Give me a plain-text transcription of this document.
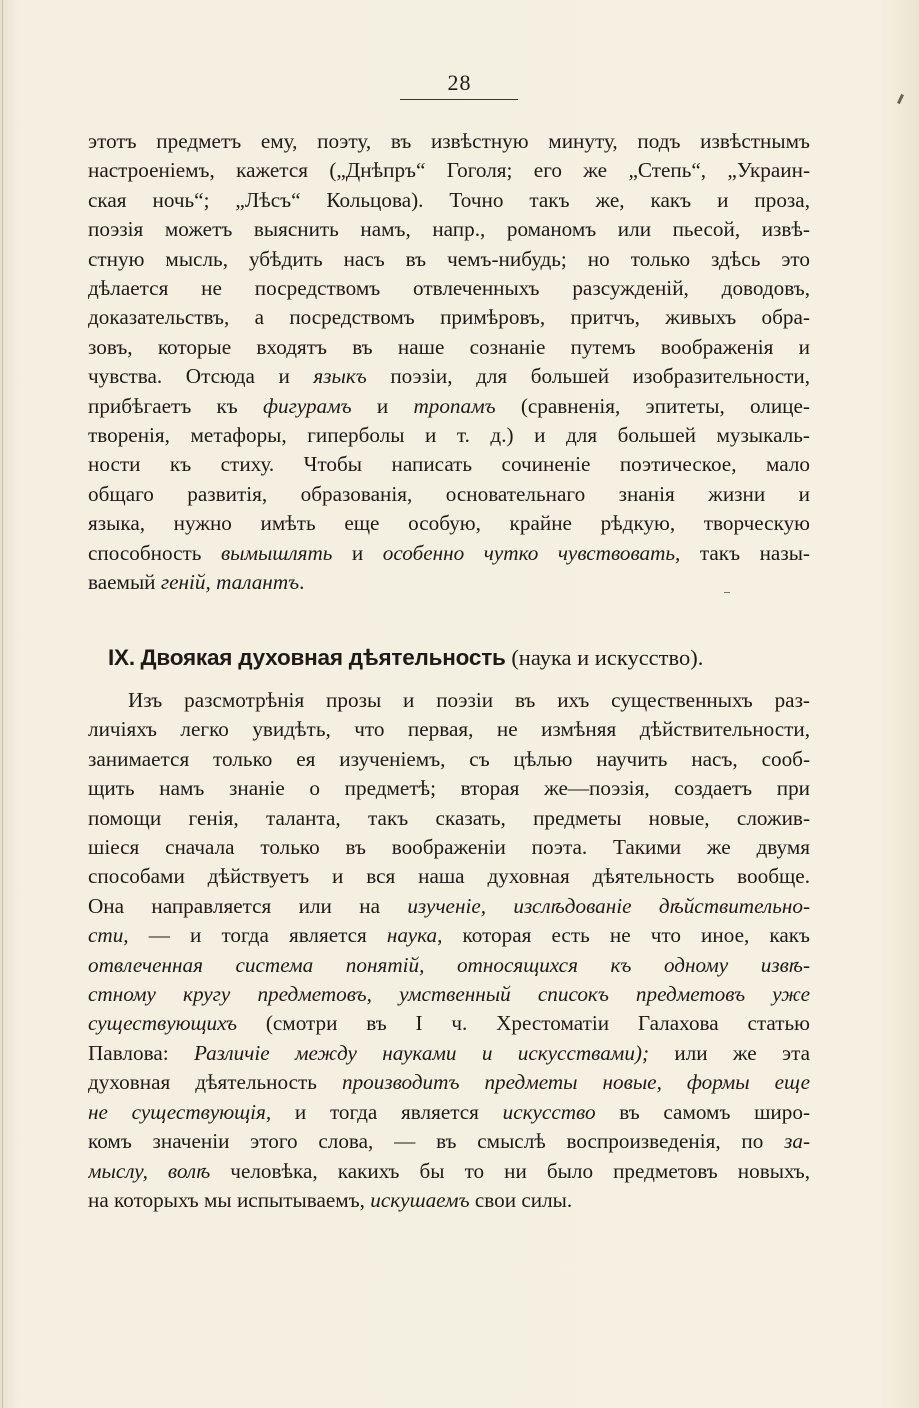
28
этотъ предметъ ему, поэту, въ извѣстную минуту, подъ извѣстнымъ
настроенiемъ, кажется („Днѣпръ“ Гоголя; его же „Степь“, „Украин-
ская ночь“; „Лѣсъ“ Кольцова). Точно такъ же, какъ и проза,
поэзiя можетъ выяснить намъ, напр., романомъ или пьесой, извѣ-
стную мысль, убѣдить насъ въ чемъ-нибудь; но только здѣсь это
дѣлается не посредствомъ отвлеченныхъ разсужденiй, доводовъ,
доказательствъ, а посредствомъ примѣровъ, притчъ, живыхъ обра-
зовъ, которые входятъ въ наше сознанiе путемъ воображенiя и
чувства. Отсюда и языкъ поэзiи, для большей изобразительности,
прибѣгаетъ къ фигурамъ и тропамъ (сравненiя, эпитеты, олице-
творенiя, метафоры, гиперболы и т. д.) и для большей музыкаль-
ности къ стиху. Чтобы написать сочиненiе поэтическое, мало
общаго развитiя, образованiя, основательнаго знанiя жизни и
языка, нужно имѣть еще особую, крайне рѣдкую, творческую
способность вымышлять и особенно чутко чувствовать, такъ назы-
ваемый генiй, талантъ.
IX. Двоякая духовная дѣятельность (наука и искусство).
Изъ разсмотрѣнiя прозы и поэзiи въ ихъ существенныхъ раз-
личiяхъ легко увидѣть, что первая, не измѣняя дѣйствительности,
занимается только ея изученiемъ, съ цѣлью научить насъ, сооб-
щить намъ знанiе о предметѣ; вторая же—поэзiя, создаетъ при
помощи генiя, таланта, такъ сказать, предметы новые, сложив-
шiеся сначала только въ воображенiи поэта. Такими же двумя
способами дѣйствуетъ и вся наша духовная дѣятельность вообще.
Она направляется или на изученiе, изслѣдованiе дѣйствительно-
сти, — и тогда является наука, которая есть не что иное, какъ
отвлеченная система понятiй, относящихся къ одному извѣ-
стному кругу предметовъ, умственный списокъ предметовъ уже
существующихъ (смотри въ I ч. Хрестоматiи Галахова статью
Павлова: Различiе между науками и искусствами); или же эта
духовная дѣятельность производитъ предметы новые, формы еще
не существующiя, и тогда является искусство въ самомъ широ-
комъ значенiи этого слова, — въ смыслѣ воспроизведенiя, по за-
мыслу, волѣ человѣка, какихъ бы то ни было предметовъ новыхъ,
на которыхъ мы испытываемъ, искушаемъ свои силы.
